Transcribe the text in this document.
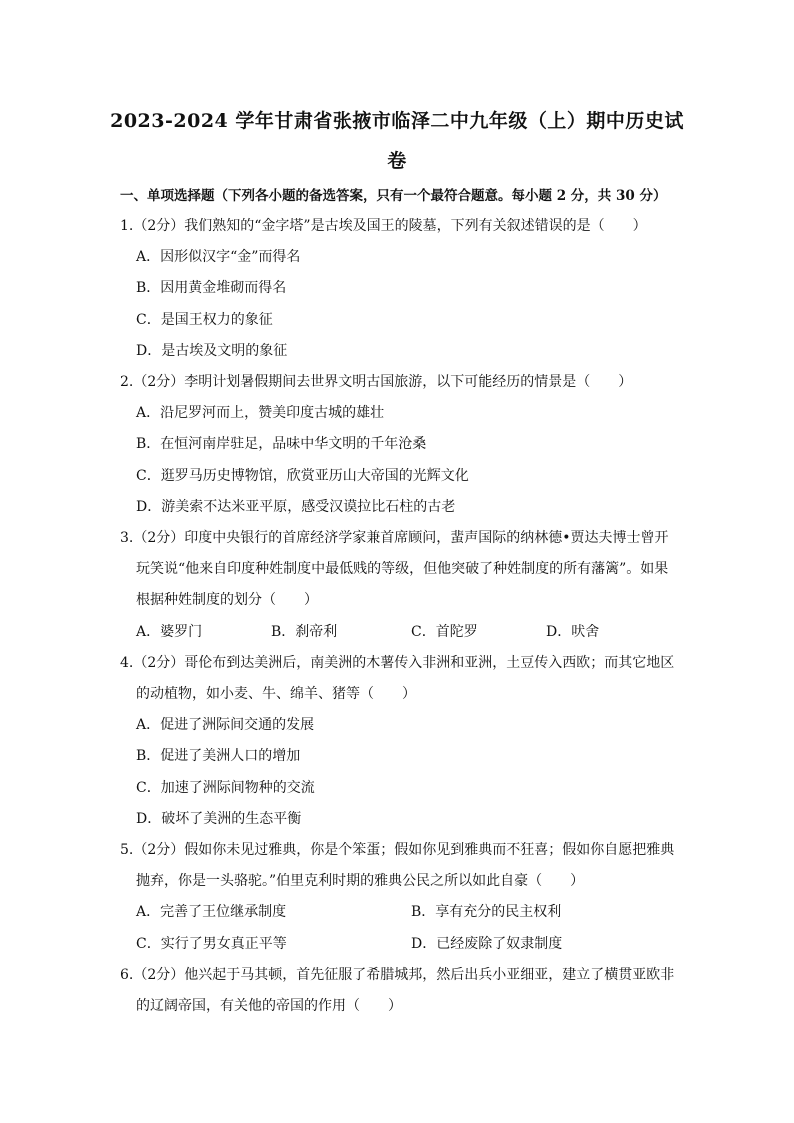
2023-2024 学年甘肃省张掖市临泽二中九年级（上）期中历史试
卷
一、单项选择题（下列各小题的备选答案，只有一个最符合题意。每小题 2 分，共 30 分）
1.（2分）我们熟知的“金字塔”是古埃及国王的陵墓，下列有关叙述错误的是（　　）
A．因形似汉字“金”而得名
B．因用黄金堆砌而得名
C．是国王权力的象征
D．是古埃及文明的象征
2.（2分）李明计划暑假期间去世界文明古国旅游，以下可能经历的情景是（　　）
A．沿尼罗河而上，赞美印度古城的雄壮
B．在恒河南岸驻足，品味中华文明的千年沧桑
C．逛罗马历史博物馆，欣赏亚历山大帝国的光辉文化
D．游美索不达米亚平原，感受汉谟拉比石柱的古老
3.（2分）印度中央银行的首席经济学家兼首席顾问，蜚声国际的纳林德•贾达夫博士曾开
玩笑说“他来自印度种姓制度中最低贱的等级，但他突破了种姓制度的所有藩篱”。如果
根据种姓制度的划分（　　）
A．婆罗门	B．刹帝利	C．首陀罗	D．吠舍
4.（2分）哥伦布到达美洲后，南美洲的木薯传入非洲和亚洲，土豆传入西欧；而其它地区
的动植物，如小麦、牛、绵羊、猪等（　　）
A．促进了洲际间交通的发展
B．促进了美洲人口的增加
C．加速了洲际间物种的交流
D．破坏了美洲的生态平衡
5.（2分）假如你未见过雅典，你是个笨蛋；假如你见到雅典而不狂喜；假如你自愿把雅典
抛弃，你是一头骆驼。”伯里克利时期的雅典公民之所以如此自豪（　　）
A．完善了王位继承制度	B．享有充分的民主权利
C．实行了男女真正平等	D．已经废除了奴隶制度
6.（2分）他兴起于马其顿，首先征服了希腊城邦，然后出兵小亚细亚，建立了横贯亚欧非
的辽阔帝国，有关他的帝国的作用（　　）
